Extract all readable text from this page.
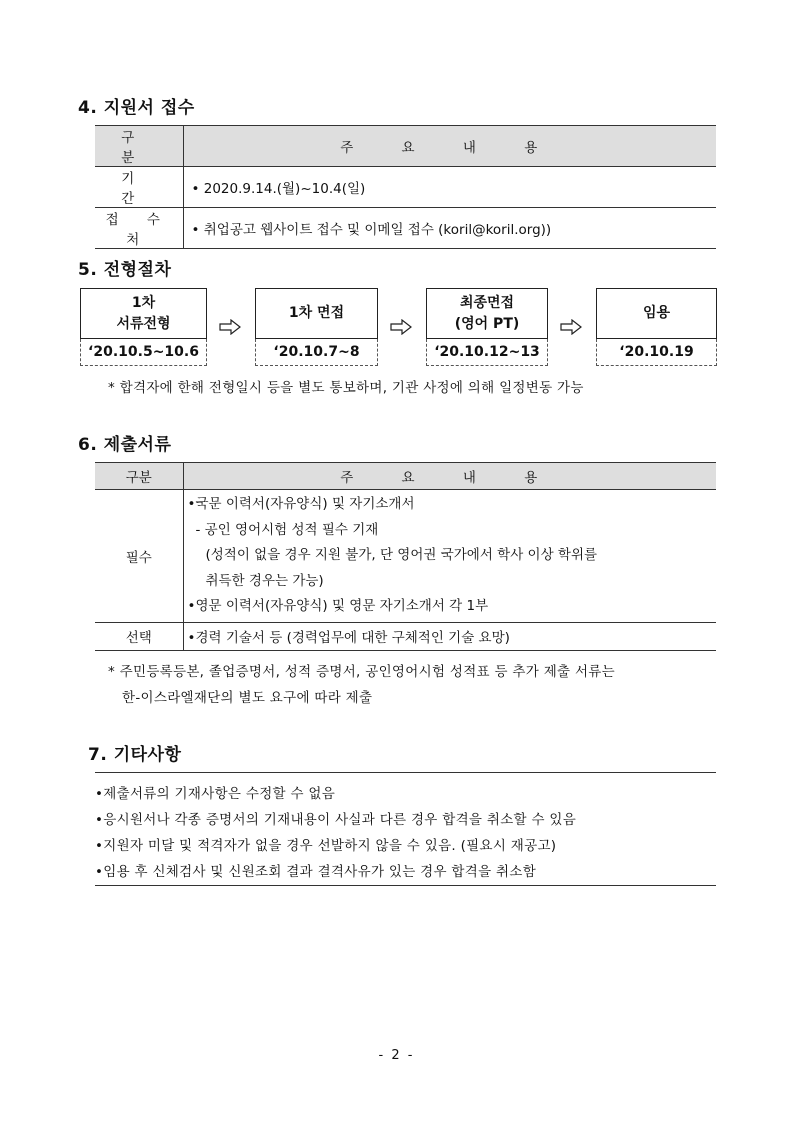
4. 지원서 접수
구 분	주 요 내 용
기 간	• 2020.9.14.(월)~10.4(일)
접 수 처	• 취업공고 웹사이트 접수 및 이메일 접수 (koril@koril.org))
5. 전형절차
1차
서류전형
‘20.10.5~10.6
1차 면접
‘20.10.7~8
최종면접
(영어 PT)
‘20.10.12~13
임용
‘20.10.19
* 합격자에 한해 전형일시 등을 별도 통보하며, 기관 사정에 의해 일정변동 가능
6. 제출서류
구분	주 요 내 용
필수	•국문 이력서(자유양식) 및 자기소개서
- 공인 영어시험 성적 필수 기재
(성적이 없을 경우 지원 불가, 단 영어권 국가에서 학사 이상 학위를
취득한 경우는 가능)
•영문 이력서(자유양식) 및 영문 자기소개서 각 1부

선택	•경력 기술서 등 (경력업무에 대한 구체적인 기술 요망)
* 주민등록등본, 졸업증명서, 성적 증명서, 공인영어시험 성적표 등 추가 제출 서류는
한-이스라엘재단의 별도 요구에 따라 제출
7. 기타사항
•제출서류의 기재사항은 수정할 수 없음
•응시원서나 각종 증명서의 기재내용이 사실과 다른 경우 합격을 취소할 수 있음
•지원자 미달 및 적격자가 없을 경우 선발하지 않을 수 있음. (필요시 재공고)
•임용 후 신체검사 및 신원조회 결과 결격사유가 있는 경우 합격을 취소함
- 2 -
